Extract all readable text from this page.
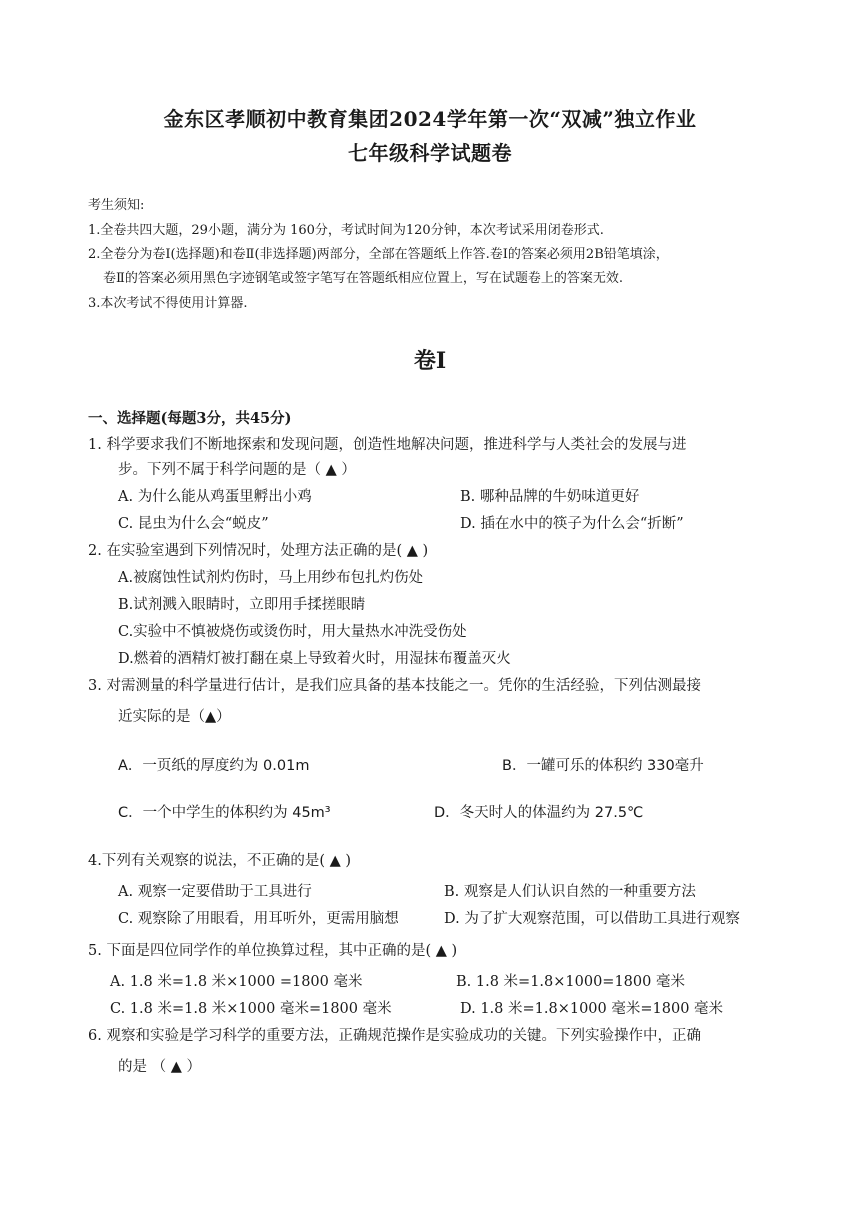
金东区孝顺初中教育集团2024学年第一次“双减”独立作业
七年级科学试题卷
考生须知:
1.全卷共四大题，29小题，满分为 160分，考试时间为120分钟，本次考试采用闭卷形式.
2.全卷分为卷Ⅰ(选择题)和卷Ⅱ(非选择题)两部分，全部在答题纸上作答.卷Ⅰ的答案必须用2B铅笔填涂，
卷Ⅱ的答案必须用黑色字迹钢笔或签字笔写在答题纸相应位置上，写在试题卷上的答案无效.
3.本次考试不得使用计算器.
卷Ⅰ
一、选择题(每题3分，共45分)
1. 科学要求我们不断地探索和发现问题，创造性地解决问题，推进科学与人类社会的发展与进
步。下列不属于科学问题的是（ ▲ ）
A. 为什么能从鸡蛋里孵出小鸡	B. 哪种品牌的牛奶味道更好
C. 昆虫为什么会“蜕皮”	D. 插在水中的筷子为什么会“折断”
2. 在实验室遇到下列情况时，处理方法正确的是( ▲ )
A.被腐蚀性试剂灼伤时，马上用纱布包扎灼伤处
B.试剂溅入眼睛时，立即用手揉搓眼睛
C.实验中不慎被烧伤或烫伤时，用大量热水冲洗受伤处
D.燃着的酒精灯被打翻在桌上导致着火时，用湿抹布覆盖灭火
3. 对需测量的科学量进行估计，是我们应具备的基本技能之一。凭你的生活经验，下列估测最接
近实际的是（▲）
A．一页纸的厚度约为 0.01m	B．一罐可乐的体积约 330毫升
C．一个中学生的体积约为 45m³	D．冬天时人的体温约为 27.5℃
4.下列有关观察的说法，不正确的是( ▲ )
A. 观察一定要借助于工具进行	B. 观察是人们认识自然的一种重要方法
C. 观察除了用眼看，用耳听外，更需用脑想	D. 为了扩大观察范围，可以借助工具进行观察
5. 下面是四位同学作的单位换算过程，其中正确的是( ▲ )
A. 1.8 米=1.8 米×1000 =1800 毫米	B. 1.8 米=1.8×1000=1800 毫米
C. 1.8 米=1.8 米×1000 毫米=1800 毫米	D. 1.8 米=1.8×1000 毫米=1800 毫米
6. 观察和实验是学习科学的重要方法，正确规范操作是实验成功的关键。下列实验操作中，正确
的是 （ ▲ ）
